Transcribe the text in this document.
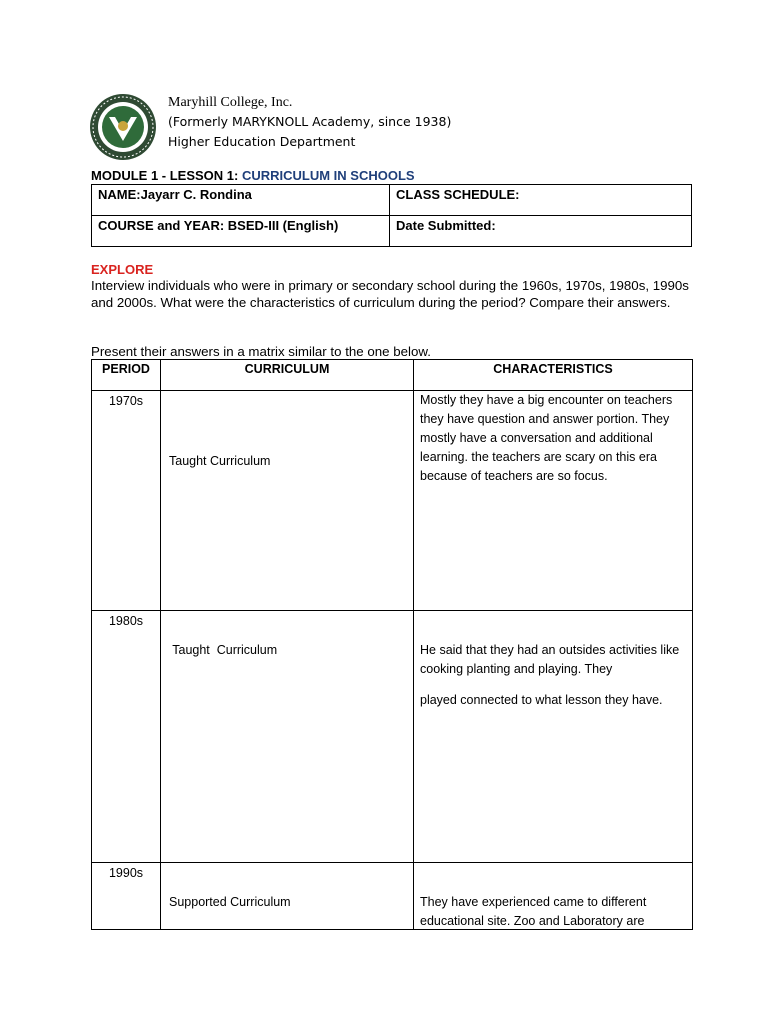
Maryhill College, Inc.
(Formerly MARYKNOLL Academy, since 1938)
Higher Education Department
MODULE 1 - LESSON 1: CURRICULUM IN SCHOOLS
NAME:Jayarr C. Rondina	CLASS SCHEDULE:
COURSE and YEAR: BSED-III (English)	Date Submitted:
EXPLORE
Interview individuals who were in primary or secondary school during the 1960s, 1970s, 1980s, 1990s and 2000s. What were the characteristics of curriculum during the period? Compare their answers.
Present their answers in a matrix similar to the one below.
PERIOD	CURRICULUM	CHARACTERISTICS
1970s	Taught Curriculum	Mostly they have a big encounter on teachers they have question and answer portion. They mostly have a conversation and additional learning. the teachers are scary on this era because of teachers are so focus.

1980s	Taught  Curriculum	He said that they had an outsides activities like cooking planting and playing. They
played connected to what lesson they have.

1990s	Supported Curriculum	They have experienced came to different educational site. Zoo and Laboratory are
